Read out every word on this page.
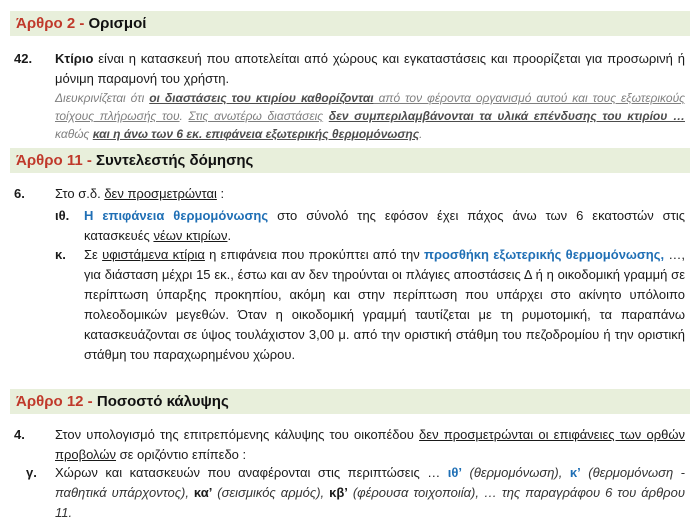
Άρθρο 2 - Ορισμοί
42. Κτίριο είναι η κατασκευή που αποτελείται από χώρους και εγκαταστάσεις και προορίζεται για προσωρινή ή μόνιμη παραμονή του χρήστη.
Διευκρινίζεται ότι οι διαστάσεις του κτιρίου καθορίζονται από τον φέροντα οργανισμό αυτού και τους εξωτερικούς τοίχους πλήρωσής του. Στις ανωτέρω διαστάσεις δεν συμπεριλαμβάνονται τα υλικά επένδυσης του κτιρίου … καθώς και η άνω των 6 εκ. επιφάνεια εξωτερικής θερμομόνωσης.
Άρθρο 11 - Συντελεστής δόμησης
6. Στο σ.δ. δεν προσμετρώνται :
ιθ. Η επιφάνεια θερμομόνωσης στο σύνολό της εφόσον έχει πάχος άνω των 6 εκατοστών στις κατασκευές νέων κτιρίων.
κ. Σε υφιστάμενα κτίρια η επιφάνεια που προκύπτει από την προσθήκη εξωτερικής θερμομόνωσης, …, για διάσταση μέχρι 15 εκ., έστω και αν δεν τηρούνται οι πλάγιες αποστάσεις Δ ή η οικοδομική γραμμή σε περίπτωση ύπαρξης προκηπίου, ακόμη και στην περίπτωση που υπάρχει στο ακίνητο υπόλοιπο πολεοδομικών μεγεθών. Όταν η οικοδομική γραμμή ταυτίζεται με τη ρυμοτομική, τα παραπάνω κατασκευάζονται σε ύψος τουλάχιστον 3,00 μ. από την οριστική στάθμη του πεζοδρομίου ή την οριστική στάθμη του παραχωρημένου χώρου.
Άρθρο 12 - Ποσοστό κάλυψης
4. Στον υπολογισμό της επιτρεπόμενης κάλυψης του οικοπέδου δεν προσμετρώνται οι επιφάνειες των ορθών προβολών σε οριζόντιο επίπεδο :
γ. Χώρων και κατασκευών που αναφέρονται στις περιπτώσεις … ιθ’ (θερμομόνωση), κ’ (θερμομόνωση - παθητικά υπάρχοντος), κα’ (σεισμικός αρμός), κβ’ (φέρουσα τοιχοποιία), … της παραγράφου 6 του άρθρου 11.
